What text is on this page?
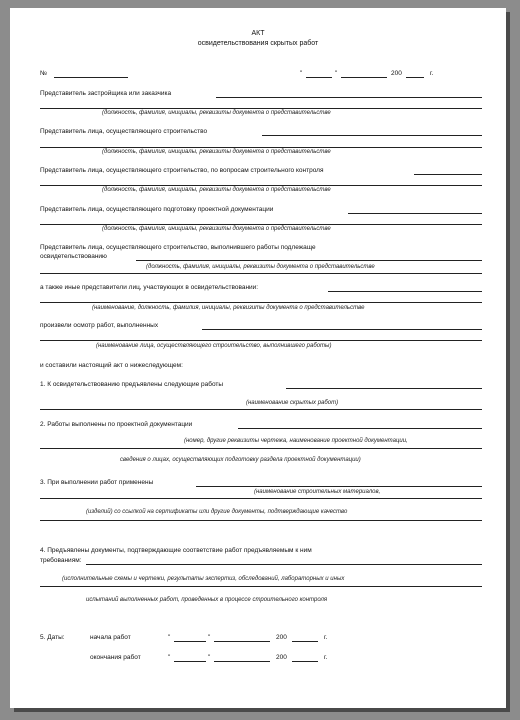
АКТ
освидетельствования скрытых работ
№	"	"	200	г.
Представитель застройщика или заказчика
(должность, фамилия, инициалы, реквизиты документа о представительстве
Представитель лица, осуществляющего строительство
(должность, фамилия, инициалы, реквизиты документа о представительстве
Представитель лица, осуществляющего строительство, по вопросам строительного контроля
(должность, фамилия, инициалы, реквизиты документа о представительстве
Представитель лица, осуществляющего подготовку проектной документации
(должность, фамилия, инициалы, реквизиты документа о представительстве
Представитель лица, осуществляющего строительство, выполнившего работы подлежаще
освидетельствованию
(должность, фамилия, инициалы, реквизиты документа о представительстве
а также иные представители лиц, участвующих в освидетельствовании:
(наименование, должность, фамилия, инициалы, реквизиты документа о представительстве
произвели осмотр работ, выполненных
(наименование лица, осуществляющего строительство, выполнившего работы)
и составили настоящий акт о нижеследующем:
1. К освидетельствованию предъявлены следующие работы
(наименование скрытых работ)
2. Работы выполнены по проектной документации
(номер, другие реквизиты чертежа, наименование проектной документации,
сведения о лицах, осуществляющих подготовку раздела проектной документации)
3. При выполнении работ применены
(наименование строительных материалов,
(изделий) со ссылкой на сертификаты или другие документы, подтверждающие качество
4. Предъявлены документы, подтверждающие соответствие работ предъявляемым к ним
требованиям:
(исполнительные схемы и чертежи, результаты экспертиз, обследований, лабораторных и иных
испытаний выполненных работ, проведенных в процессе строительного контроля
5. Даты:	начала работ	"	"	200	г.
окончания работ	"	"	200	г.
